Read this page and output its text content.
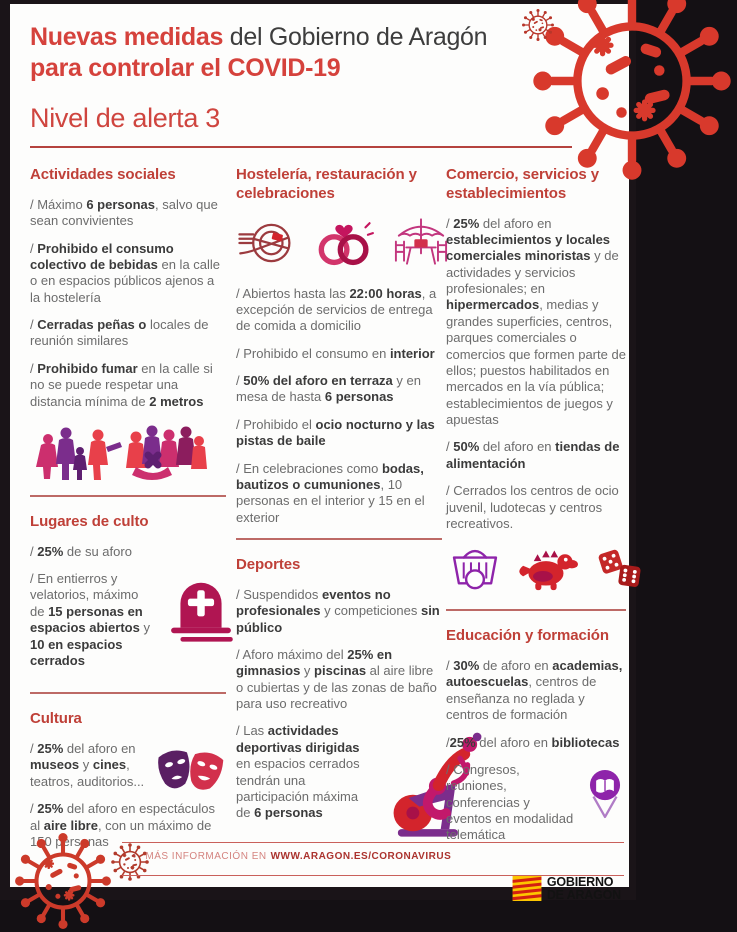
Nuevas medidas del Gobierno de Aragón para controlar el COVID-19
Nivel de alerta 3
Actividades sociales

/ Máximo 6 personas, salvo que sean convivientes

/ Prohibido el consumo colectivo de bebidas en la calle o en espacios públicos ajenos a la hostelería

/ Cerradas peñas o locales de reunión similares

/ Prohibido fumar en la calle si no se puede respetar una distancia mínima de 2 metros

Lugares de culto

/ 25% de su aforo

/ En entierros y velatorios, máximo de 15 personas en espacios abiertos y 10 en espacios cerrados

Cultura

/ 25% del aforo en museos y cines, teatros, auditorios...

/ 25% del aforo en espectáculos al aire libre, con un máximo de 150 personas

Hostelería, restauración y celebraciones

/ Abiertos hasta las 22:00 horas, a excepción de servicios de entrega de comida a domicilio

/ Prohibido el consumo en interior

/ 50% del aforo en terraza y en mesa de hasta 6 personas

/ Prohibido el ocio nocturno y las pistas de baile

/ En celebraciones como bodas, bautizos o cumuniones, 10 personas en el interior y 15 en el exterior

Deportes

/ Suspendidos eventos no profesionales y competiciones sin público

/ Aforo máximo del 25% en gimnasios y piscinas al aire libre o cubiertas y de las zonas de baño para uso recreativo

/ Las actividades deportivas dirigidas en espacios cerrados tendrán una participación máxima de 6 personas

Comercio, servicios y establecimientos

/ 25% del aforo en establecimientos y locales comerciales minoristas y de actividades y servicios profesionales; en hipermercados, medias y grandes superficies, centros, parques comerciales o comercios que formen parte de ellos; puestos habilitados en mercados en la vía pública; establecimientos de juegos y apuestas

/ 50% del aforo en tiendas de alimentación

/ Cerrados los centros de ocio juvenil, ludotecas y centros recreativos.

Educación y formación

/ 30% de aforo en academias, autoescuelas, centros de enseñanza no reglada y centros de formación

/25% del aforo en bibliotecas

/ Congresos, reuniones, conferencias y eventos en modalidad telemática

• MÁS INFORMACIÓN EN WWW.ARAGON.ES/CORONAVIRUS
GOBIERNO
DE ARAGÓN
